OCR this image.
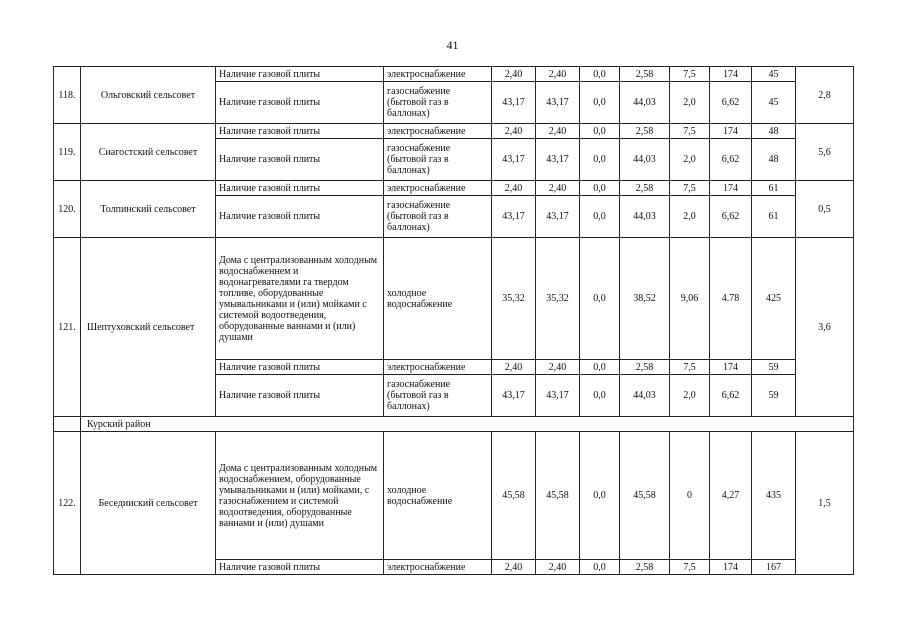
41
118.	Ольговский сельсовет	Наличие газовой плиты	электроснабжение	2,40	2,40	0,0	2,58	7,5	174	45	2,8
		Наличие газовой плиты	газоснабжение (бытовой газ в баллонах)	43,17	43,17	0,0	44,03	2,0	6,62	45	
119.	Сиагостский сельсовет	Наличие газовой плиты	электроснабжение	2,40	2,40	0,0	2,58	7,5	174	48	5,6
		Наличие газовой плиты	газоснабжение (бытовой газ в баллонах)	43,17	43,17	0,0	44,03	2,0	6,62	48	
120.	Толпинский сельсовет	Наличие газовой плиты	электроснабжение	2,40	2,40	0,0	2,58	7,5	174	61	0,5
		Наличие газовой плиты	газоснабжение (бытовой газ в баллонах)	43,17	43,17	0,0	44,03	2,0	6,62	61	
121.	Шептуховский сельсовет	Дома с централизованным холодным водоснабженнем и водонагревателями га твердом топливе, оборудованные умывальниками и (или) мойками с системой водоотведения, оборудованные ваннами и (или) душами	холодное водоснабжение	35,32	35,32	0,0	38,52	9,06	4.78	425	3,6
		Наличие газовой плиты	электроснабжение	2,40	2,40	0,0	2,58	7,5	174	59	
		Наличие газовой плиты	газоснабжение (бытовой газ в баллонах)	43,17	43,17	0,0	44,03	2,0	6,62	59	
	Курский район										
122.	Беседииский сельсовет	Дома с централизованным холодным водоснабжением, оборудованные умывальниками и (или) мойками, с газоснабжением и системой водоотведения, оборудованные ваннами и (или) душами	холодное водоснабжение	45,58	45,58	0,0	45,58	0	4,27	435	1,5
		Наличие газовой плиты	электроснабжение	2,40	2,40	0,0	2,58	7,5	174	167	
